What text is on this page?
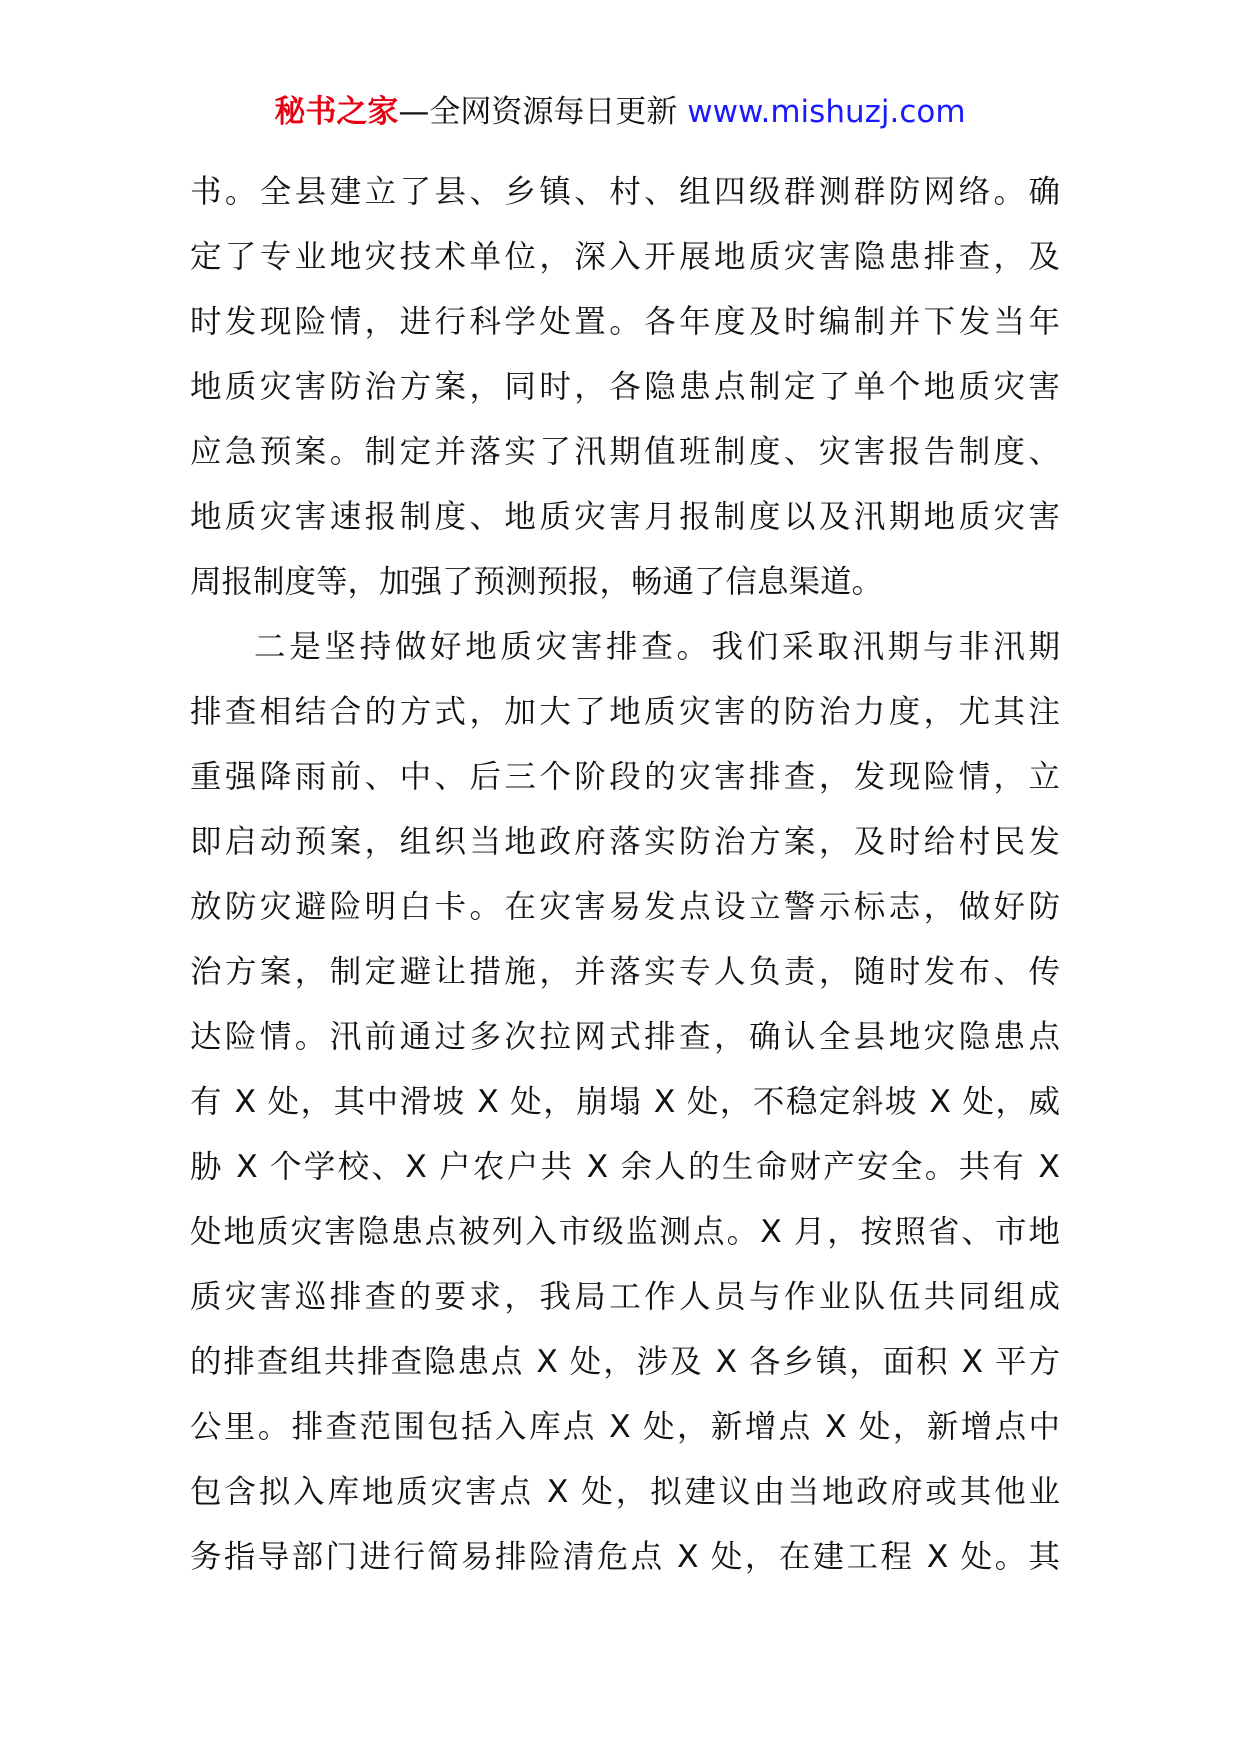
秘书之家—全网资源每日更新 www.mishuzj.com
书。全县建立了县、乡镇、村、组四级群测群防网络。确
定了专业地灾技术单位，深入开展地质灾害隐患排查，及
时发现险情，进行科学处置。各年度及时编制并下发当年
地质灾害防治方案，同时，各隐患点制定了单个地质灾害
应急预案。制定并落实了汛期值班制度、灾害报告制度、
地质灾害速报制度、地质灾害月报制度以及汛期地质灾害
周报制度等，加强了预测预报，畅通了信息渠道。
二是坚持做好地质灾害排查。我们采取汛期与非汛期
排查相结合的方式，加大了地质灾害的防治力度，尤其注
重强降雨前、中、后三个阶段的灾害排查，发现险情，立
即启动预案，组织当地政府落实防治方案，及时给村民发
放防灾避险明白卡。在灾害易发点设立警示标志，做好防
治方案，制定避让措施，并落实专人负责，随时发布、传
达险情。汛前通过多次拉网式排查，确认全县地灾隐患点
有 X 处，其中滑坡 X 处，崩塌 X 处，不稳定斜坡 X 处，威
胁 X 个学校、X 户农户共 X 余人的生命财产安全。共有 X
处地质灾害隐患点被列入市级监测点。X 月，按照省、市地
质灾害巡排查的要求，我局工作人员与作业队伍共同组成
的排查组共排查隐患点 X 处，涉及 X 各乡镇，面积 X 平方
公里。排查范围包括入库点 X 处，新增点 X 处，新增点中
包含拟入库地质灾害点 X 处，拟建议由当地政府或其他业
务指导部门进行简易排险清危点 X 处，在建工程 X 处。其
